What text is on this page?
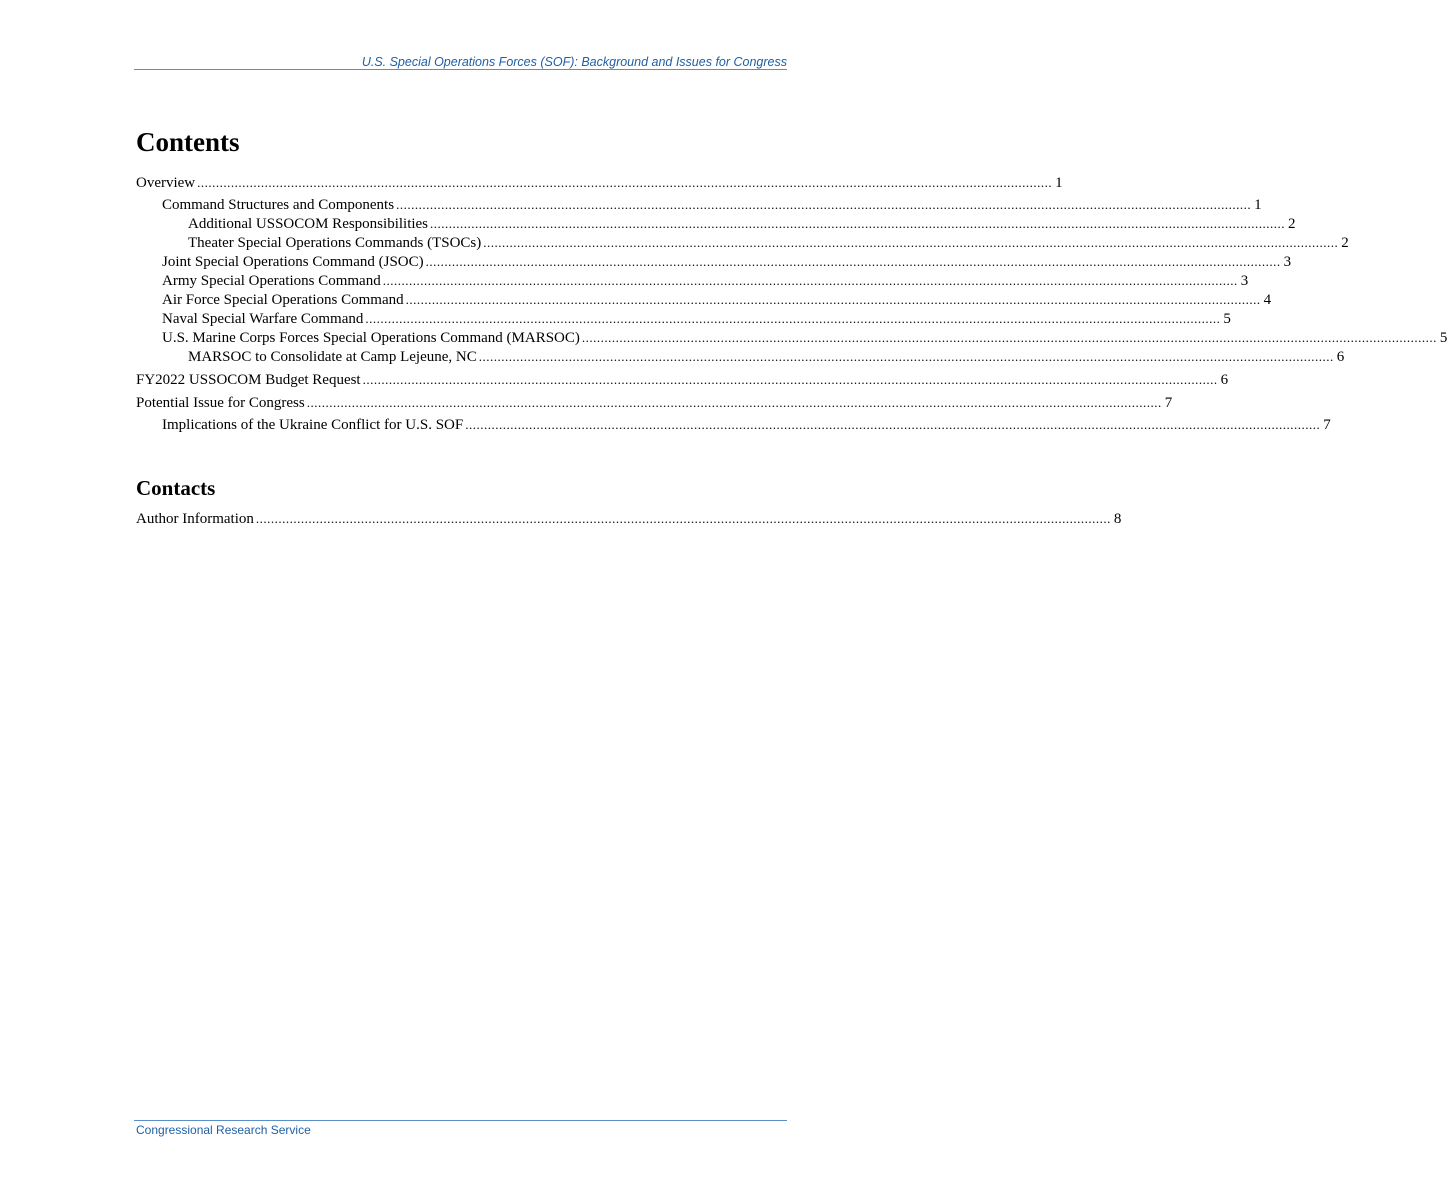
U.S. Special Operations Forces (SOF): Background and Issues for Congress
Contents
Overview .................................................................................................................................................................................................................................... 1
Command Structures and Components .................................................................................................................................................................................................................................... 1
Additional USSOCOM Responsibilities .................................................................................................................................................................................................................................... 2
Theater Special Operations Commands (TSOCs) .................................................................................................................................................................................................................................... 2
Joint Special Operations Command (JSOC) .................................................................................................................................................................................................................................... 3
Army Special Operations Command .................................................................................................................................................................................................................................... 3
Air Force Special Operations Command .................................................................................................................................................................................................................................... 4
Naval Special Warfare Command .................................................................................................................................................................................................................................... 5
U.S. Marine Corps Forces Special Operations Command (MARSOC) .................................................................................................................................................................................................................................... 5
MARSOC to Consolidate at Camp Lejeune, NC .................................................................................................................................................................................................................................... 6
FY2022 USSOCOM Budget Request .................................................................................................................................................................................................................................... 6
Potential Issue for Congress .................................................................................................................................................................................................................................... 7
Implications of the Ukraine Conflict for U.S. SOF .................................................................................................................................................................................................................................... 7
Contacts
Author Information .................................................................................................................................................................................................................................... 8
Congressional Research Service
